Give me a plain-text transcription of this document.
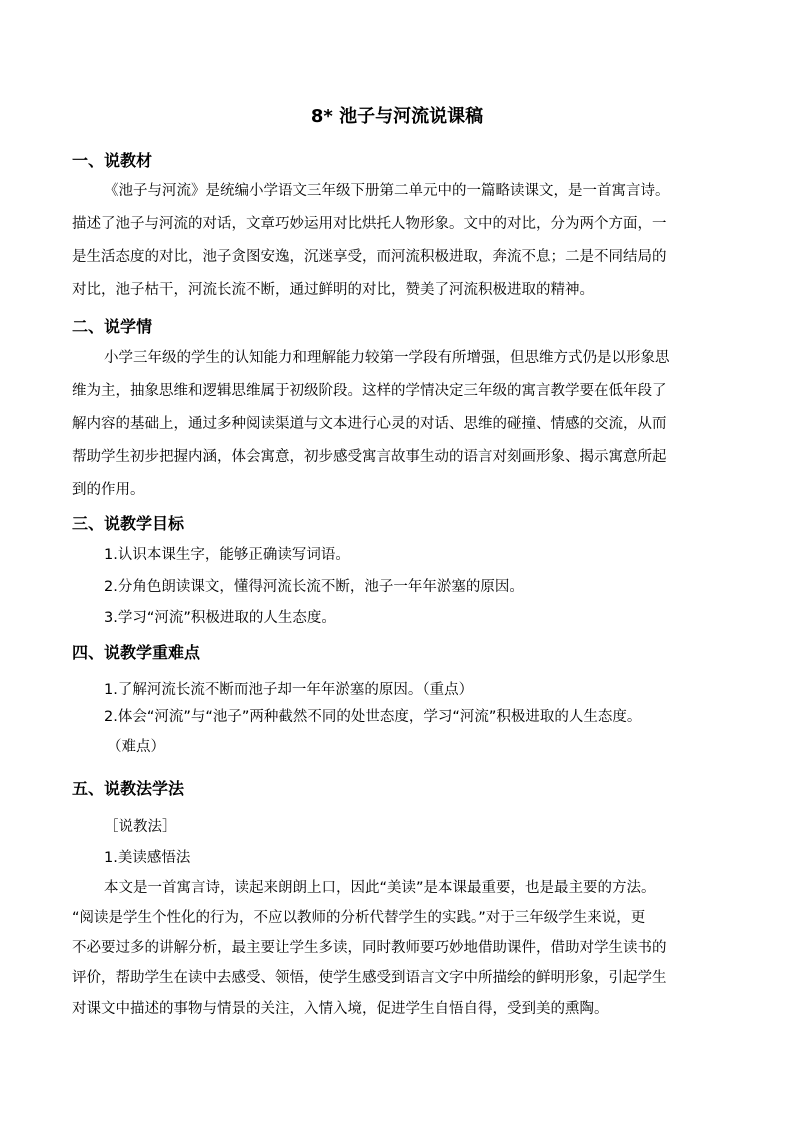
8* 池子与河流说课稿
一、说教材
《池子与河流》是统编小学语文三年级下册第二单元中的一篇略读课文，是一首寓言诗。
描述了池子与河流的对话，文章巧妙运用对比烘托人物形象。文中的对比，分为两个方面，一
是生活态度的对比，池子贪图安逸，沉迷享受，而河流积极进取，奔流不息；二是不同结局的
对比，池子枯干，河流长流不断，通过鲜明的对比，赞美了河流积极进取的精神。
二、说学情
小学三年级的学生的认知能力和理解能力较第一学段有所增强，但思维方式仍是以形象思
维为主，抽象思维和逻辑思维属于初级阶段。这样的学情决定三年级的寓言教学要在低年段了
解内容的基础上，通过多种阅读渠道与文本进行心灵的对话、思维的碰撞、情感的交流，从而
帮助学生初步把握内涵，体会寓意，初步感受寓言故事生动的语言对刻画形象、揭示寓意所起
到的作用。
三、说教学目标
1.认识本课生字，能够正确读写词语。
2.分角色朗读课文，懂得河流长流不断，池子一年年淤塞的原因。
3.学习“河流”积极进取的人生态度。
四、说教学重难点
1.了解河流长流不断而池子却一年年淤塞的原因。（重点）
2.体会“河流”与“池子”两种截然不同的处世态度，学习“河流”积极进取的人生态度。
（难点）
五、说教法学法
［说教法］
1.美读感悟法
本文是一首寓言诗，读起来朗朗上口，因此“美读”是本课最重要，也是最主要的方法。
“阅读是学生个性化的行为，不应以教师的分析代替学生的实践。”对于三年级学生来说，更
不必要过多的讲解分析，最主要让学生多读，同时教师要巧妙地借助课件，借助对学生读书的
评价，帮助学生在读中去感受、领悟，使学生感受到语言文字中所描绘的鲜明形象，引起学生
对课文中描述的事物与情景的关注，入情入境，促进学生自悟自得，受到美的熏陶。
